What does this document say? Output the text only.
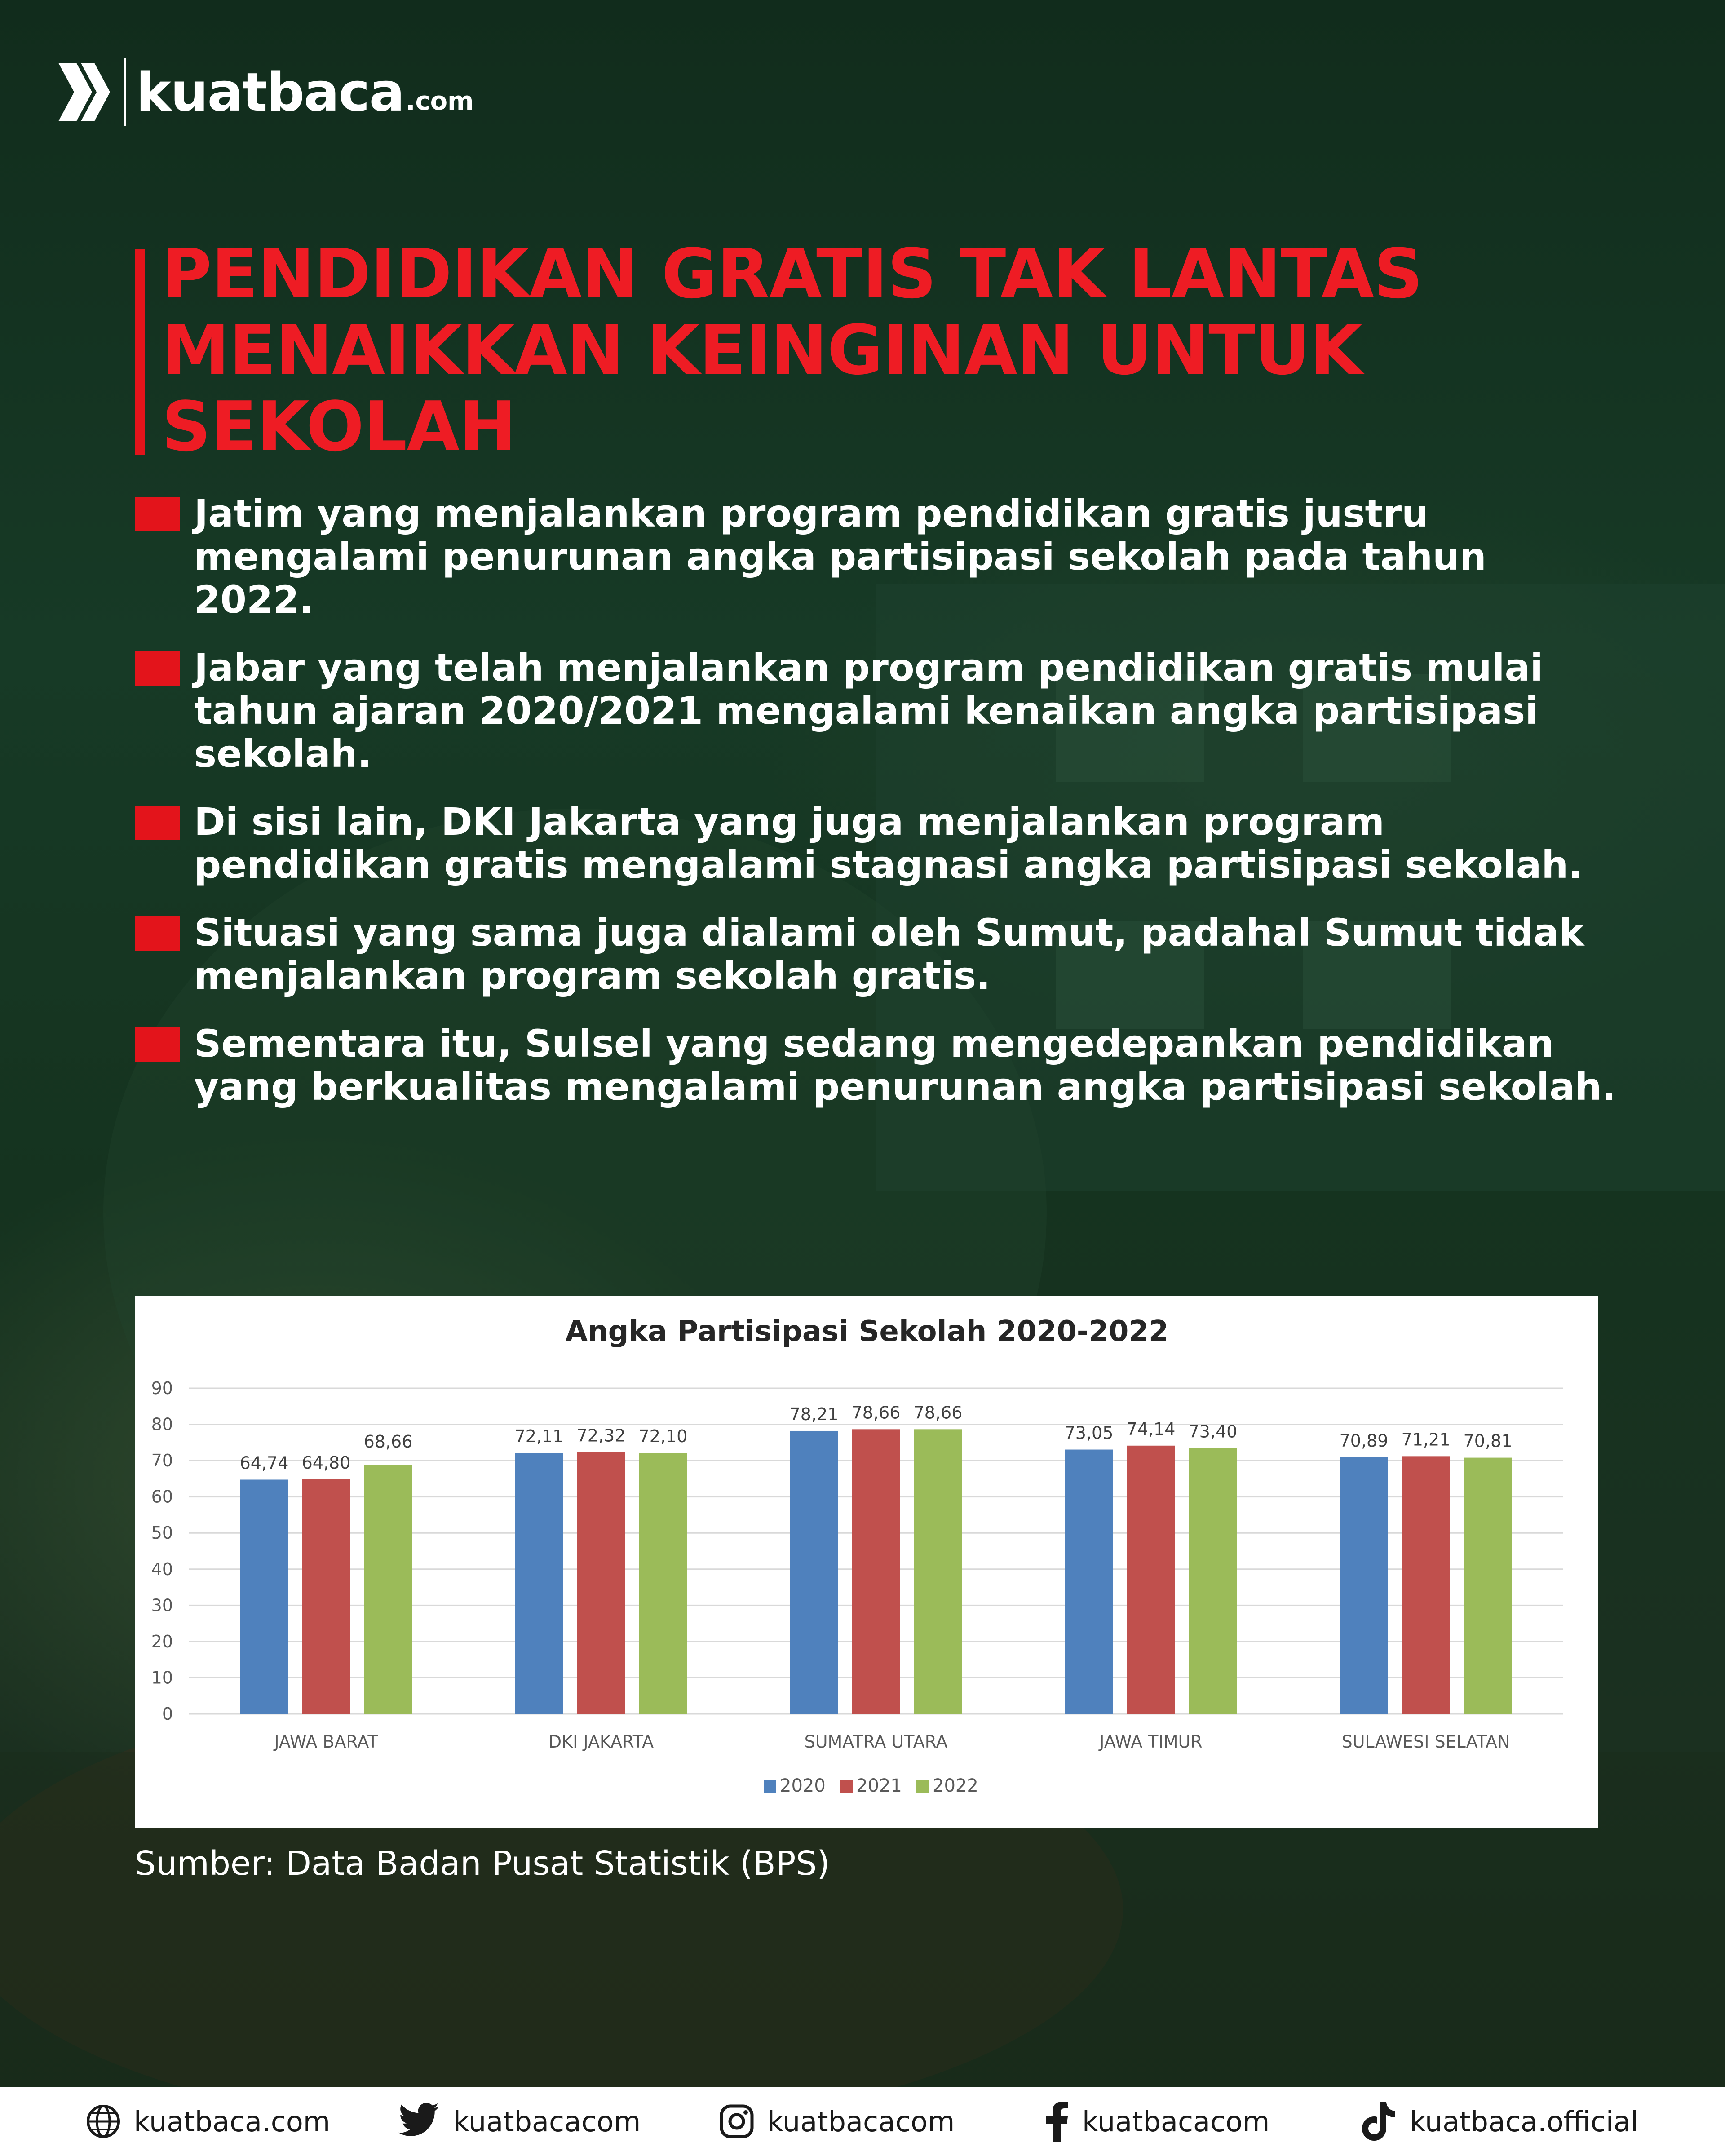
kuatbaca .com
PENDIDIKAN GRATIS TAK LANTAS MENAIKKAN KEINGINAN UNTUK SEKOLAH
Jatim yang menjalankan program pendidikan gratis justru mengalami penurunan angka partisipasi sekolah pada tahun 2022.
Jabar yang telah menjalankan program pendidikan gratis mulai tahun ajaran 2020/2021 mengalami kenaikan angka partisipasi sekolah.
Di sisi lain, DKI Jakarta yang juga menjalankan program pendidikan gratis mengalami stagnasi angka partisipasi sekolah.
Situasi yang sama juga dialami oleh Sumut, padahal Sumut tidak menjalankan program sekolah gratis.
Sementara itu, Sulsel yang sedang mengedepankan pendidikan yang berkualitas mengalami penurunan angka partisipasi sekolah.
Angka Partisipasi Sekolah 2020-2022
0
10
20
30
40
50
60
70
80
90
64,74 64,80
68,66
JAWA BARAT
72,11 72,32 72,10
DKI JAKARTA
78,21 78,66 78,66
SUMATRA UTARA
73,05 74,14 73,40
JAWA TIMUR
70,89 71,21 70,81
SULAWESI SELATAN
2020 2021 2022

Sumber: Data Badan Pusat Statistik (BPS)

kuatbaca.com	kuatbacacom	kuatbacacom	kuatbacacom	kuatbaca.official
